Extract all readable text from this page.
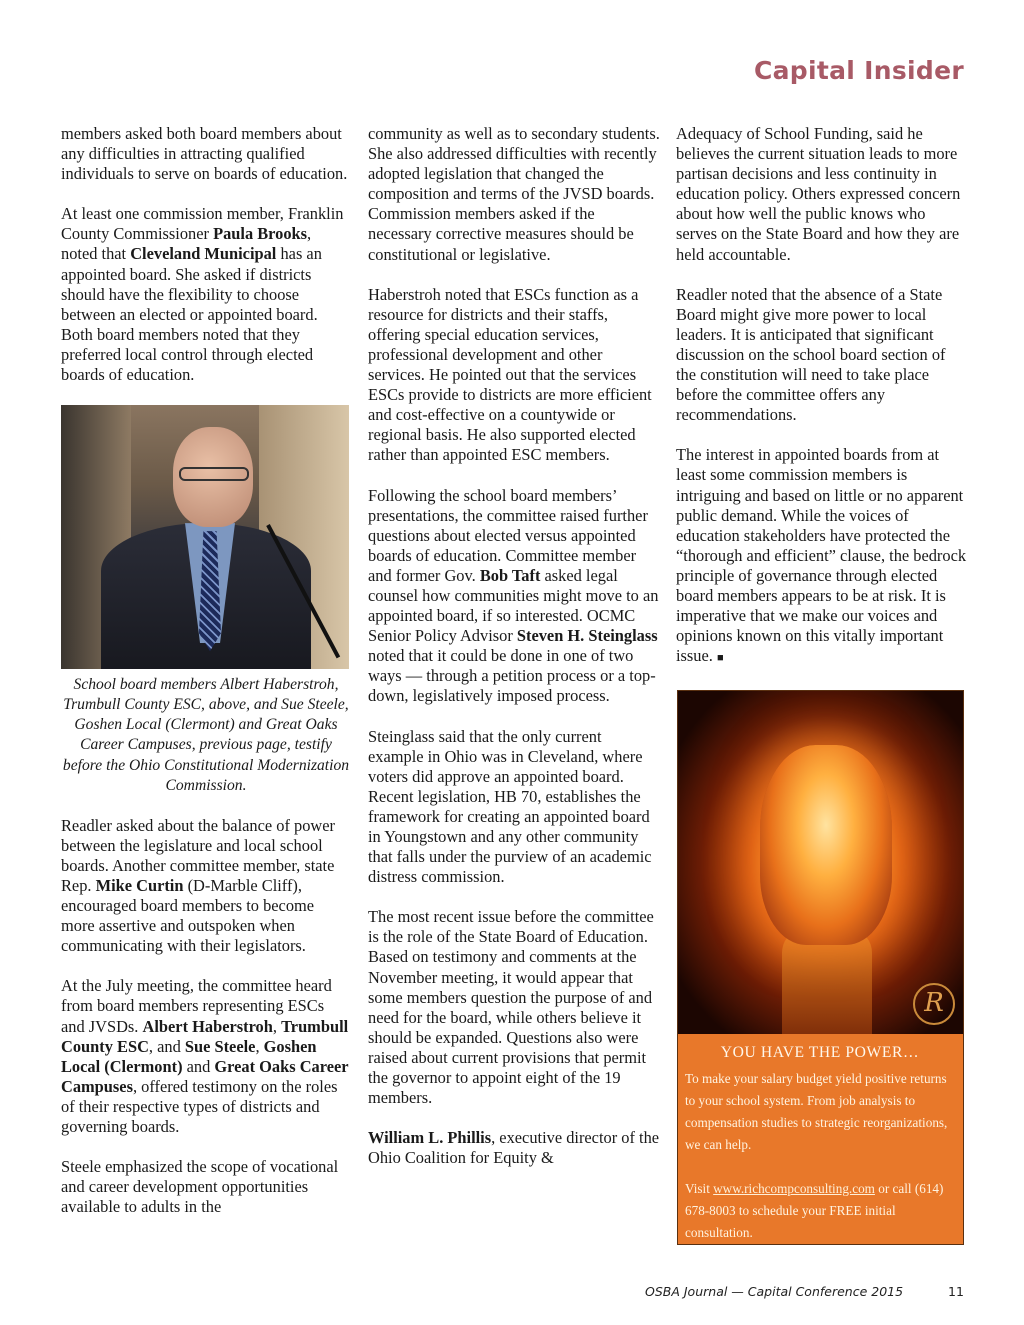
Capital Insider

members asked both board members about any difficulties in attracting qualified individuals to serve on boards of education.

At least one commission member, Franklin County Commissioner Paula Brooks, noted that Cleveland Municipal has an appointed board. She asked if districts should have the flexibility to choose between an elected or appointed board. Both board members noted that they preferred local control through elected boards of education.

School board members Albert Haberstroh, Trumbull County ESC, above, and Sue Steele, Goshen Local (Clermont) and Great Oaks Career Campuses, previous page, testify before the Ohio Constitutional Modernization Commission.

Readler asked about the balance of power between the legislature and local school boards. Another committee member, state Rep. Mike Curtin (D-Marble Cliff), encouraged board members to become more assertive and outspoken when communicating with their legislators.

At the July meeting, the committee heard from board members representing ESCs and JVSDs. Albert Haberstroh, Trumbull County ESC, and Sue Steele, Goshen Local (Clermont) and Great Oaks Career Campuses, offered testimony on the roles of their respective types of districts and governing boards.

Steele emphasized the scope of vocational and career development opportunities available to adults in the

community as well as to secondary students. She also addressed difficulties with recently adopted legislation that changed the composition and terms of the JVSD boards. Commission members asked if the necessary corrective measures should be constitutional or legislative.

Haberstroh noted that ESCs function as a resource for districts and their staffs, offering special education services, professional development and other services. He pointed out that the services ESCs provide to districts are more efficient and cost-effective on a countywide or regional basis. He also supported elected rather than appointed ESC members.

Following the school board members’ presentations, the committee raised further questions about elected versus appointed boards of education. Committee member and former Gov. Bob Taft asked legal counsel how communities might move to an appointed board, if so interested. OCMC Senior Policy Advisor Steven H. Steinglass noted that it could be done in one of two ways — through a petition process or a top-down, legislatively imposed process.

Steinglass said that the only current example in Ohio was in Cleveland, where voters did approve an appointed board. Recent legislation, HB 70, establishes the framework for creating an appointed board in Youngstown and any other community that falls under the purview of an academic distress commission.

The most recent issue before the committee is the role of the State Board of Education. Based on testimony and comments at the November meeting, it would appear that some members question the purpose of and need for the board, while others believe it should be expanded. Questions also were raised about current provisions that permit the governor to appoint eight of the 19 members.

William L. Phillis, executive director of the Ohio Coalition for Equity &

Adequacy of School Funding, said he believes the current situation leads to more partisan decisions and less continuity in education policy. Others expressed concern about how well the public knows who serves on the State Board and how they are held accountable.

Readler noted that the absence of a State Board might give more power to local leaders. It is anticipated that significant discussion on the school board section of the constitution will need to take place before the committee offers any recommendations.

The interest in appointed boards from at least some commission members is intriguing and based on little or no apparent public demand. While the voices of education stakeholders have protected the “thorough and efficient” clause, the bedrock principle of governance through elected board members appears to be at risk. It is imperative that we make our voices and opinions known on this vitally important issue. ■

R
YOU HAVE THE POWER…

To make your salary budget yield positive returns to your school system. From job analysis to compensation studies to strategic reorganizations, we can help.

Visit www.richcompconsulting.com or call (614) 678-8003 to schedule your FREE initial consultation.

OSBA Journal — Capital Conference 2015	11
